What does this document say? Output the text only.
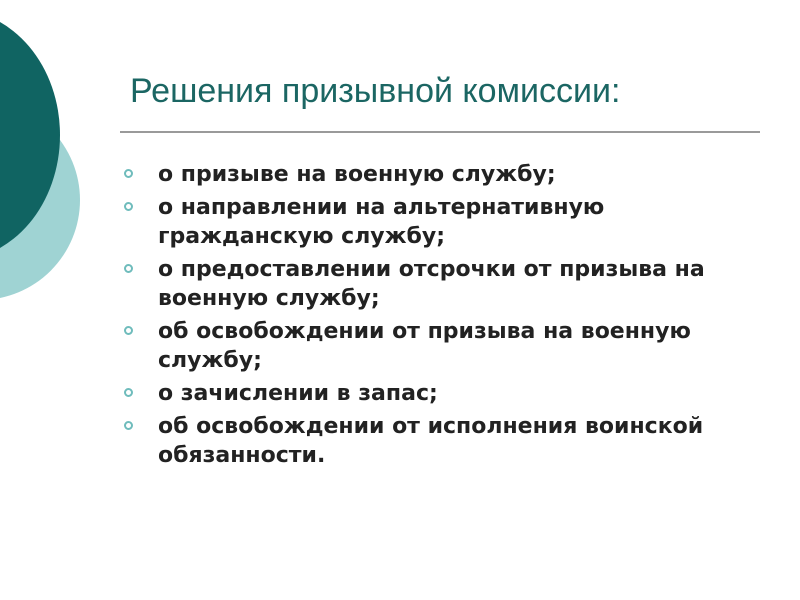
Решения призывной комиссии:
о призыве на военную службу;
о направлении на альтернативную гражданскую службу;
о предоставлении отсрочки от призыва на военную службу;
об освобождении от призыва на военную службу;
о зачислении в запас;
об освобождении от исполнения воинской обязанности.
